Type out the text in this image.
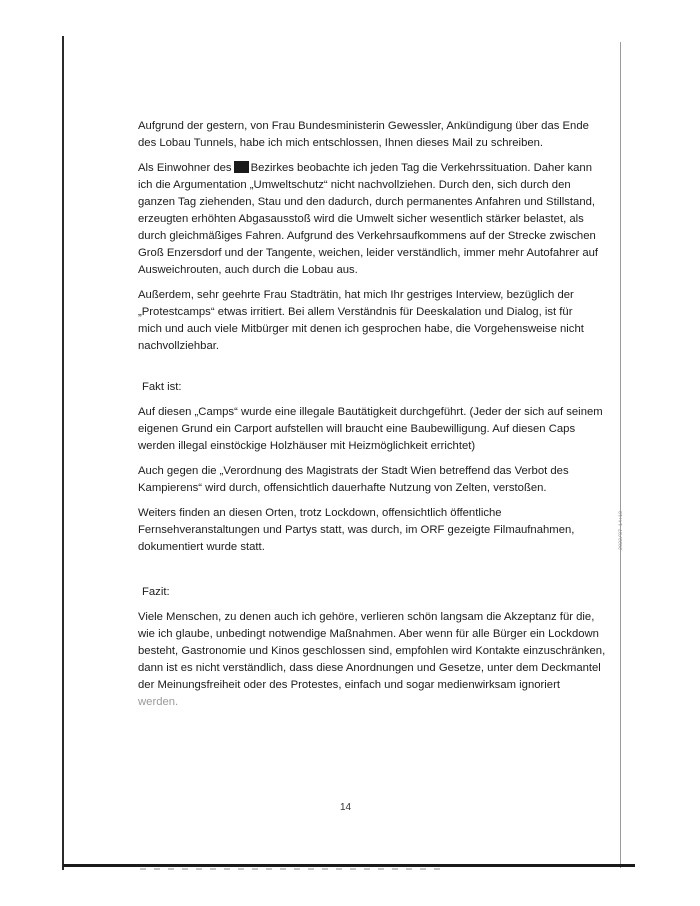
2022/07 14:10

Aufgrund der gestern, von Frau Bundesministerin Gewessler, Ankündigung über das Ende
des Lobau Tunnels, habe ich mich entschlossen, Ihnen dieses Mail zu schreiben.

Als Einwohner des Bezirkes beobachte ich jeden Tag die Verkehrssituation. Daher kann
ich die Argumentation „Umweltschutz“ nicht nachvollziehen. Durch den, sich durch den
ganzen Tag ziehenden, Stau und den dadurch, durch permanentes Anfahren und Stillstand,
erzeugten erhöhten Abgasausstoß wird die Umwelt sicher wesentlich stärker belastet, als
durch gleichmäßiges Fahren. Aufgrund des Verkehrsaufkommens auf der Strecke zwischen
Groß Enzersdorf und der Tangente, weichen, leider verständlich, immer mehr Autofahrer auf
Ausweichrouten, auch durch die Lobau aus.

Außerdem, sehr geehrte Frau Stadträtin, hat mich Ihr gestriges Interview, bezüglich der
„Protestcamps“ etwas irritiert. Bei allem Verständnis für Deeskalation und Dialog, ist für
mich und auch viele Mitbürger mit denen ich gesprochen habe, die Vorgehensweise nicht
nachvollziehbar.

Fakt ist:

Auf diesen „Camps“ wurde eine illegale Bautätigkeit durchgeführt. (Jeder der sich auf seinem
eigenen Grund ein Carport aufstellen will braucht eine Baubewilligung. Auf diesen Caps
werden illegal einstöckige Holzhäuser mit Heizmöglichkeit errichtet)

Auch gegen die „Verordnung des Magistrats der Stadt Wien betreffend das Verbot des
Kampierens“ wird durch, offensichtlich dauerhafte Nutzung von Zelten, verstoßen.

Weiters finden an diesen Orten, trotz Lockdown, offensichtlich öffentliche
Fernsehveranstaltungen und Partys statt, was durch, im ORF gezeigte Filmaufnahmen,
dokumentiert wurde statt.

Fazit:

Viele Menschen, zu denen auch ich gehöre, verlieren schön langsam die Akzeptanz für die,
wie ich glaube, unbedingt notwendige Maßnahmen. Aber wenn für alle Bürger ein Lockdown
besteht, Gastronomie und Kinos geschlossen sind, empfohlen wird Kontakte einzuschränken,
dann ist es nicht verständlich, dass diese Anordnungen und Gesetze, unter dem Deckmantel
der Meinungsfreiheit oder des Protestes, einfach und sogar medienwirksam ignoriert
werden.

14
